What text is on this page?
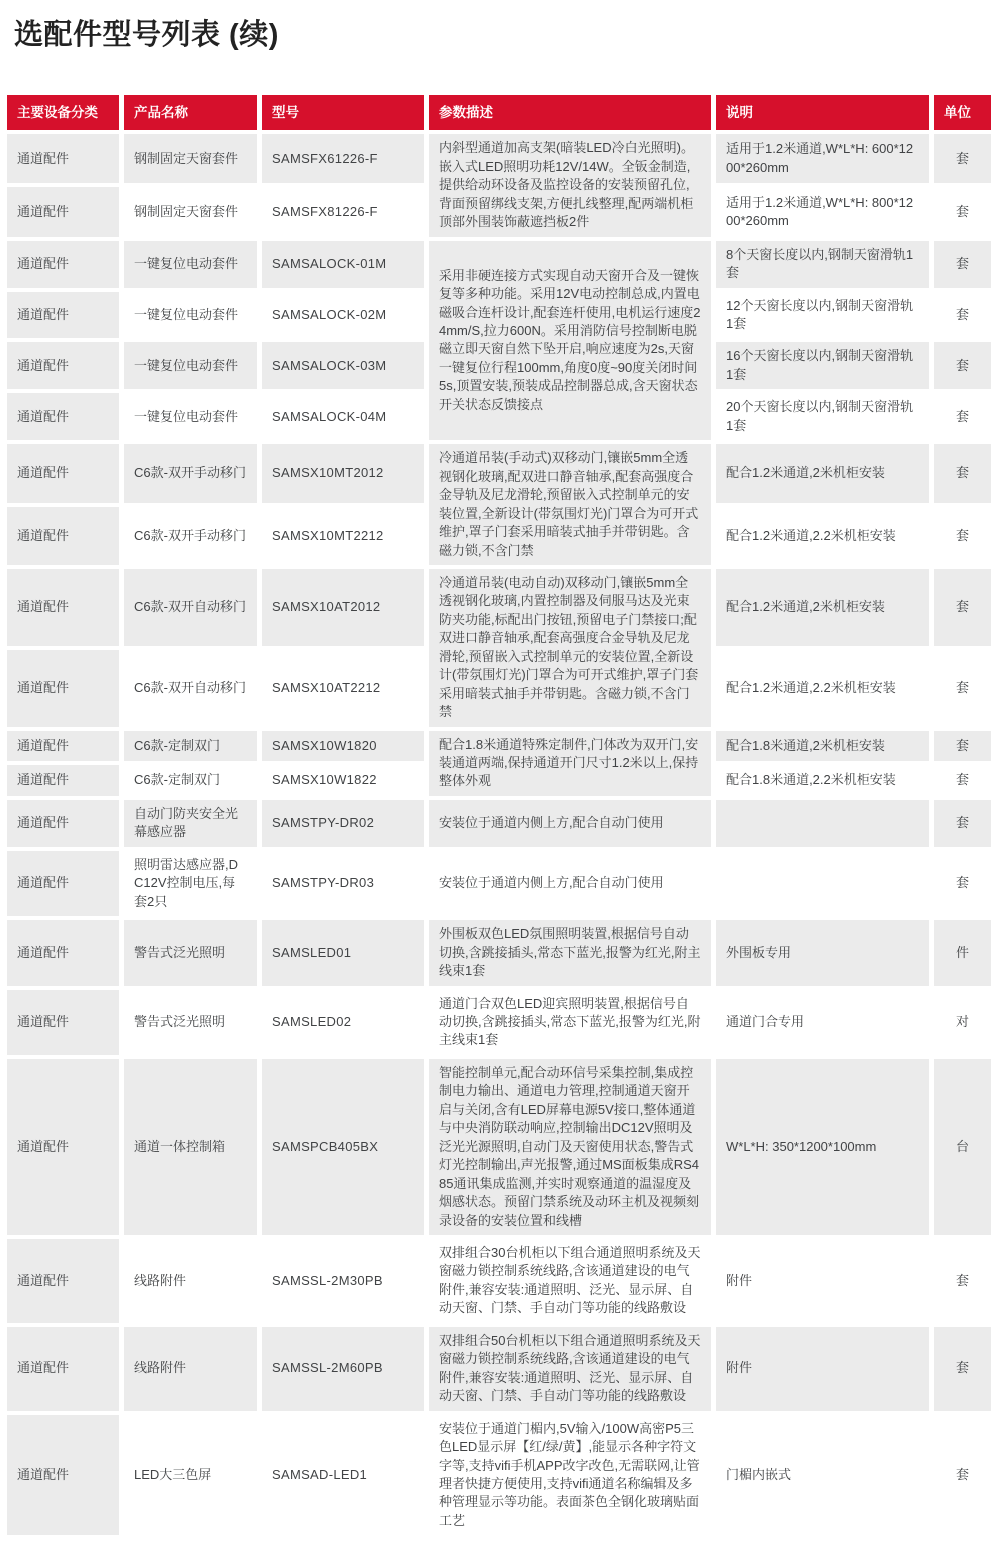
选配件型号列表 (续)
主要设备分类	产品名称	型号	参数描述	说明	单位
通道配件	钢制固定天窗套件	SAMSFX61226-F	内斜型通道加高支架(暗装LED冷白光照明)。嵌入式LED照明功耗12V/14W。全钣金制造,提供给动环设备及监控设备的安装预留孔位,背面预留绑线支架,方便扎线整理,配两端机柜顶部外围装饰蔽遮挡板2件	适用于1.2米通道,W*L*H: 600*1200*260mm	套
通道配件	钢制固定天窗套件	SAMSFX81226-F		适用于1.2米通道,W*L*H: 800*1200*260mm	套
通道配件	一键复位电动套件	SAMSALOCK-01M	采用非硬连接方式实现自动天窗开合及一键恢复等多种功能。采用12V电动控制总成,内置电磁吸合连杆设计,配套连杆使用,电机运行速度24mm/S,拉力600N。采用消防信号控制断电脱磁立即天窗自然下坠开启,响应速度为2s,天窗一键复位行程100mm,角度0度~90度关闭时间5s,顶置安装,预装成品控制器总成,含天窗状态开关状态反馈接点	8个天窗长度以内,钢制天窗滑轨1套	套
通道配件	一键复位电动套件	SAMSALOCK-02M		12个天窗长度以内,钢制天窗滑轨1套	套
通道配件	一键复位电动套件	SAMSALOCK-03M		16个天窗长度以内,钢制天窗滑轨1套	套
通道配件	一键复位电动套件	SAMSALOCK-04M		20个天窗长度以内,钢制天窗滑轨1套	套
通道配件	C6款-双开手动移门	SAMSX10MT2012	冷通道吊装(手动式)双移动门,镶嵌5mm全透视钢化玻璃,配双进口静音轴承,配套高强度合金导轨及尼龙滑轮,预留嵌入式控制单元的安装位置,全新设计(带氛围灯光)门罩合为可开式维护,罩子门套采用暗装式抽手并带钥匙。含磁力锁,不含门禁	配合1.2米通道,2米机柜安装	套
通道配件	C6款-双开手动移门	SAMSX10MT2212		配合1.2米通道,2.2米机柜安装	套
通道配件	C6款-双开自动移门	SAMSX10AT2012	冷通道吊装(电动自动)双移动门,镶嵌5mm全透视钢化玻璃,内置控制器及伺服马达及光束防夹功能,标配出门按钮,预留电子门禁接口;配双进口静音轴承,配套高强度合金导轨及尼龙滑轮,预留嵌入式控制单元的安装位置,全新设计(带氛围灯光)门罩合为可开式维护,罩子门套采用暗装式抽手并带钥匙。含磁力锁,不含门禁	配合1.2米通道,2米机柜安装	套
通道配件	C6款-双开自动移门	SAMSX10AT2212		配合1.2米通道,2.2米机柜安装	套
通道配件	C6款-定制双门	SAMSX10W1820	配合1.8米通道特殊定制件,门体改为双开门,安装通道两端,保持通道开门尺寸1.2米以上,保持整体外观	配合1.8米通道,2米机柜安装	套
通道配件	C6款-定制双门	SAMSX10W1822		配合1.8米通道,2.2米机柜安装	套
通道配件	自动门防夹安全光幕感应器	SAMSTPY-DR02	安装位于通道内侧上方,配合自动门使用		套
通道配件	照明雷达感应器,DC12V控制电压,每套2只	SAMSTPY-DR03	安装位于通道内侧上方,配合自动门使用		套
通道配件	警告式泛光照明	SAMSLED01	外围板双色LED氛围照明装置,根据信号自动切换,含跳接插头,常态下蓝光,报警为红光,附主线束1套	外围板专用	件
通道配件	警告式泛光照明	SAMSLED02	通道门合双色LED迎宾照明装置,根据信号自动切换,含跳接插头,常态下蓝光,报警为红光,附主线束1套	通道门合专用	对
通道配件	通道一体控制箱	SAMSPCB405BX	智能控制单元,配合动环信号采集控制,集成控制电力输出、通道电力管理,控制通道天窗开启与关闭,含有LED屏幕电源5V接口,整体通道与中央消防联动响应,控制输出DC12V照明及泛光光源照明,自动门及天窗使用状态,警告式灯光控制输出,声光报警,通过MS面板集成RS485通讯集成监测,并实时观察通道的温湿度及烟感状态。预留门禁系统及动环主机及视频刻录设备的安装位置和线槽	W*L*H: 350*1200*100mm	台
通道配件	线路附件	SAMSSL-2M30PB	双排组合30台机柜以下组合通道照明系统及天窗磁力锁控制系统线路,含该通道建设的电气附件,兼容安装:通道照明、泛光、显示屏、自动天窗、门禁、手自动门等功能的线路敷设	附件	套
通道配件	线路附件	SAMSSL-2M60PB	双排组合50台机柜以下组合通道照明系统及天窗磁力锁控制系统线路,含该通道建设的电气附件,兼容安装:通道照明、泛光、显示屏、自动天窗、门禁、手自动门等功能的线路敷设	附件	套
通道配件	LED大三色屏	SAMSAD-LED1	安装位于通道门楣内,5V输入/100W高密P5三色LED显示屏【红/绿/黄】,能显示各种字符文字等,支持vifi手机APP改字改色,无需联网,让管理者快捷方便使用,支持vifi通道名称编辑及多种管理显示等功能。表面茶色全钢化玻璃贴面工艺	门楣内嵌式	套
